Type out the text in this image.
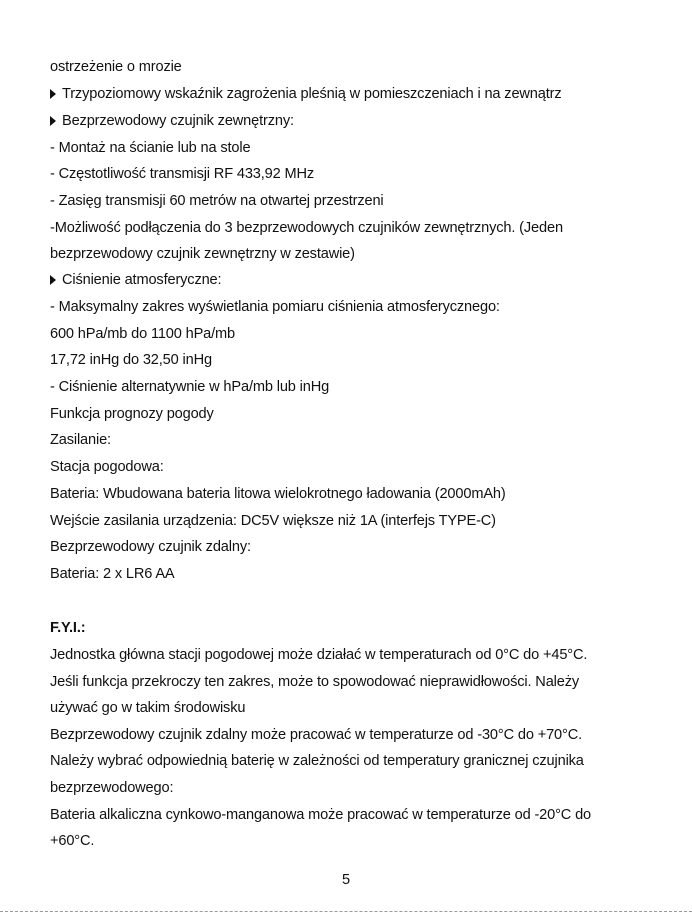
ostrzeżenie o mrozie
Trzypoziomowy wskaźnik zagrożenia pleśnią w pomieszczeniach i na zewnątrz
Bezprzewodowy czujnik zewnętrzny:
- Montaż na ścianie lub na stole
- Częstotliwość transmisji RF 433,92 MHz
- Zasięg transmisji 60 metrów na otwartej przestrzeni
-Możliwość podłączenia do 3 bezprzewodowych czujników zewnętrznych. (Jeden
bezprzewodowy czujnik zewnętrzny w zestawie)
Ciśnienie atmosferyczne:
- Maksymalny zakres wyświetlania pomiaru ciśnienia atmosferycznego:
600 hPa/mb do 1100 hPa/mb
17,72 inHg do 32,50 inHg
- Ciśnienie alternatywnie w hPa/mb lub inHg
Funkcja prognozy pogody
Zasilanie:
Stacja pogodowa:
Bateria: Wbudowana bateria litowa wielokrotnego ładowania (2000mAh)
Wejście zasilania urządzenia: DC5V większe niż 1A (interfejs TYPE-C)
Bezprzewodowy czujnik zdalny:
Bateria: 2 x LR6 AA
F.Y.I.:
Jednostka główna stacji pogodowej może działać w temperaturach od 0°C do +45°C.
Jeśli funkcja przekroczy ten zakres, może to spowodować nieprawidłowości. Należy
używać go w takim środowisku
Bezprzewodowy czujnik zdalny może pracować w temperaturze od -30°C do +70°C.
Należy wybrać odpowiednią baterię w zależności od temperatury granicznej czujnika
bezprzewodowego:
Bateria alkaliczna cynkowo-manganowa może pracować w temperaturze od -20°C do
+60°C.
5
